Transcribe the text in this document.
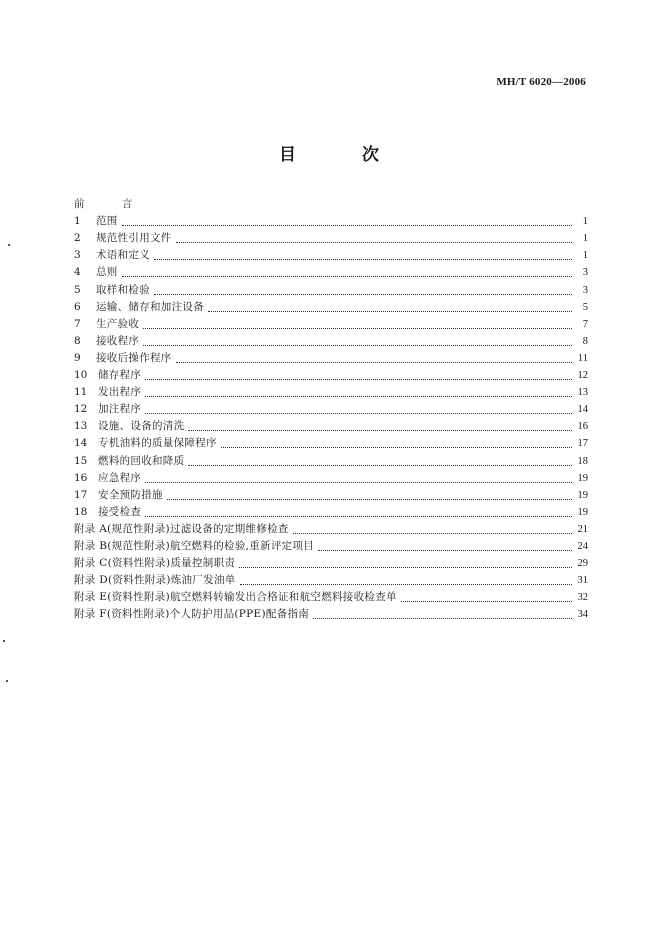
MH/T 6020—2006
目 次
前 言
1	范围	1
2	规范性引用文件	1
3	术语和定义	1
4	总则	3
5	取样和检验	3
6	运输、储存和加注设备	5
7	生产验收	7
8	接收程序	8
9	接收后操作程序	11
10	储存程序	12
11	发出程序	13
12	加注程序	14
13	设施、设备的清洗	16
14	专机油料的质量保障程序	17
15	燃料的回收和降质	18
16	应急程序	19
17	安全预防措施	19
18	接受检查	19
附录 A(规范性附录)过滤设备的定期维修检查	21
附录 B(规范性附录)航空燃料的检验,重新评定项目	24
附录 C(资料性附录)质量控制职责	29
附录 D(资料性附录)炼油厂发油单	31
附录 E(资料性附录)航空燃料转输发出合格证和航空燃料接收检查单	32
附录 F(资料性附录)个人防护用品(PPE)配备指南	34
